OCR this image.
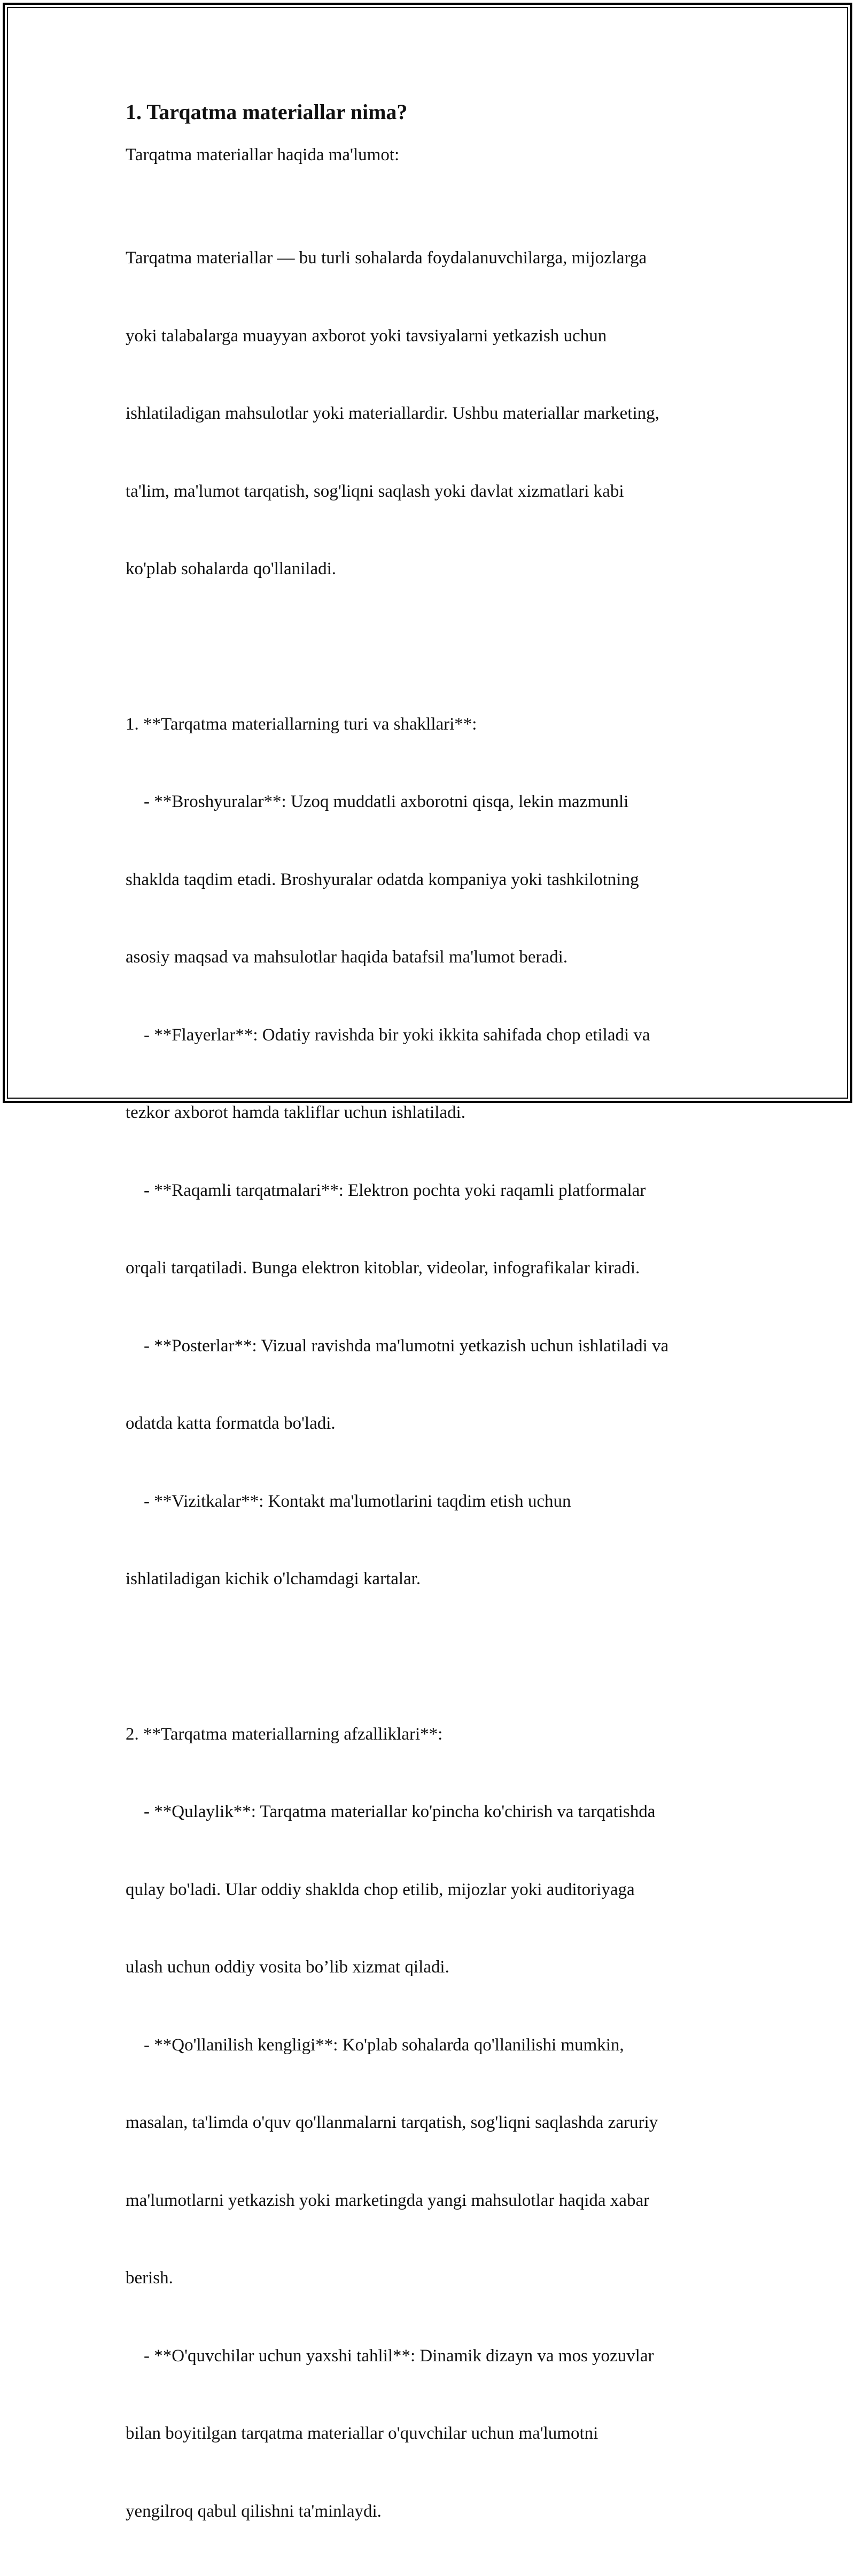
1. Tarqatma materiallar nima?

Tarqatma materiallar haqida ma'lumot:

Tarqatma materiallar — bu turli sohalarda foydalanuvchilarga, mijozlarga

yoki talabalarga muayyan axborot yoki tavsiyalarni yetkazish uchun

ishlatiladigan mahsulotlar yoki materiallardir. Ushbu materiallar marketing,

ta'lim, ma'lumot tarqatish, sog'liqni saqlash yoki davlat xizmatlari kabi

ko'plab sohalarda qo'llaniladi.

1. **Tarqatma materiallarning turi va shakllari**:

- **Broshyuralar**: Uzoq muddatli axborotni qisqa, lekin mazmunli

shaklda taqdim etadi. Broshyuralar odatda kompaniya yoki tashkilotning

asosiy maqsad va mahsulotlar haqida batafsil ma'lumot beradi.

- **Flayerlar**: Odatiy ravishda bir yoki ikkita sahifada chop etiladi va

tezkor axborot hamda takliflar uchun ishlatiladi.

- **Raqamli tarqatmalari**: Elektron pochta yoki raqamli platformalar

orqali tarqatiladi. Bunga elektron kitoblar, videolar, infografikalar kiradi.

- **Posterlar**: Vizual ravishda ma'lumotni yetkazish uchun ishlatiladi va

odatda katta formatda bo'ladi.

- **Vizitkalar**: Kontakt ma'lumotlarini taqdim etish uchun

ishlatiladigan kichik o'lchamdagi kartalar.

2. **Tarqatma materiallarning afzalliklari**:

- **Qulaylik**: Tarqatma materiallar ko'pincha ko'chirish va tarqatishda

qulay bo'ladi. Ular oddiy shaklda chop etilib, mijozlar yoki auditoriyaga

ulash uchun oddiy vosita bo’lib xizmat qiladi.

- **Qo'llanilish kengligi**: Ko'plab sohalarda qo'llanilishi mumkin,

masalan, ta'limda o'quv qo'llanmalarni tarqatish, sog'liqni saqlashda zaruriy

ma'lumotlarni yetkazish yoki marketingda yangi mahsulotlar haqida xabar

berish.

- **O'quvchilar uchun yaxshi tahlil**: Dinamik dizayn va mos yozuvlar

bilan boyitilgan tarqatma materiallar o'quvchilar uchun ma'lumotni

yengilroq qabul qilishni ta'minlaydi.
